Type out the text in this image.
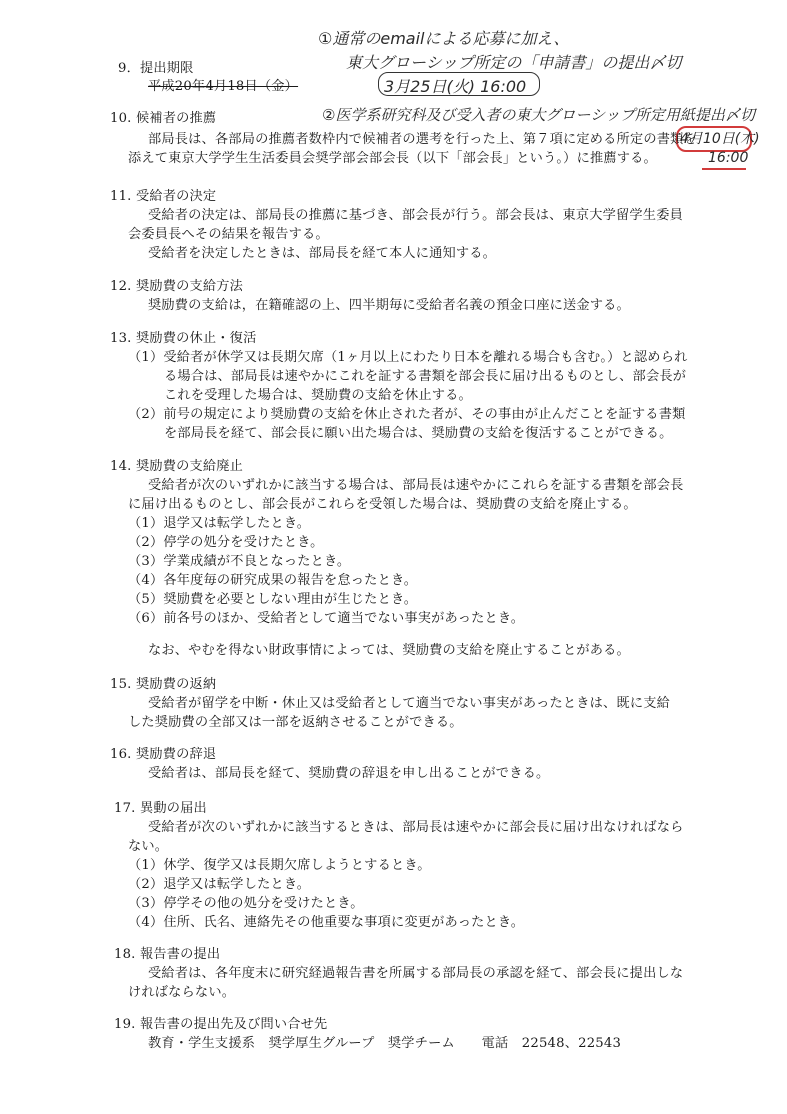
①通常のemailによる応募に加え、
東大グローシップ所定の「申請書」の提出〆切
3月25日(火) 16:00
②医学系研究科及び受入者の東大グローシップ所定用紙提出〆切
4月10日(木)
16:00
9．提出期限
平成20年4月18日（金）
10. 候補者の推薦
部局長は、各部局の推薦者数枠内で候補者の選考を行った上、第７項に定める所定の書類を
添えて東京大学学生生活委員会奨学部会部会長（以下「部会長」という。）に推薦する。
11. 受給者の決定
受給者の決定は、部局長の推薦に基づき、部会長が行う。部会長は、東京大学留学生委員
会委員長へその結果を報告する。
受給者を決定したときは、部局長を経て本人に通知する。
12. 奨励費の支給方法
奨励費の支給は，在籍確認の上、四半期毎に受給者名義の預金口座に送金する。
13. 奨励費の休止・復活
（1）受給者が休学又は長期欠席（1ヶ月以上にわたり日本を離れる場合も含む。）と認められ
る場合は、部局長は速やかにこれを証する書類を部会長に届け出るものとし、部会長が
これを受理した場合は、奨励費の支給を休止する。
（2）前号の規定により奨励費の支給を休止された者が、その事由が止んだことを証する書類
を部局長を経て、部会長に願い出た場合は、奨励費の支給を復活することができる。
14. 奨励費の支給廃止
受給者が次のいずれかに該当する場合は、部局長は速やかにこれらを証する書類を部会長
に届け出るものとし、部会長がこれらを受領した場合は、奨励費の支給を廃止する。
（1）退学又は転学したとき。
（2）停学の処分を受けたとき。
（3）学業成績が不良となったとき。
（4）各年度毎の研究成果の報告を怠ったとき。
（5）奨励費を必要としない理由が生じたとき。
（6）前各号のほか、受給者として適当でない事実があったとき。
なお、やむを得ない財政事情によっては、奨励費の支給を廃止することがある。
15. 奨励費の返納
受給者が留学を中断・休止又は受給者として適当でない事実があったときは、既に支給
した奨励費の全部又は一部を返納させることができる。
16. 奨励費の辞退
受給者は、部局長を経て、奨励費の辞退を申し出ることができる。
17. 異動の届出
受給者が次のいずれかに該当するときは、部局長は速やかに部会長に届け出なければなら
ない。
（1）休学、復学又は長期欠席しようとするとき。
（2）退学又は転学したとき。
（3）停学その他の処分を受けたとき。
（4）住所、氏名、連絡先その他重要な事項に変更があったとき。
18. 報告書の提出
受給者は、各年度末に研究経過報告書を所属する部局長の承認を経て、部会長に提出しな
ければならない。
19. 報告書の提出先及び問い合せ先
教育・学生支援系　奨学厚生グループ　奨学チーム　　電話　22548、22543
